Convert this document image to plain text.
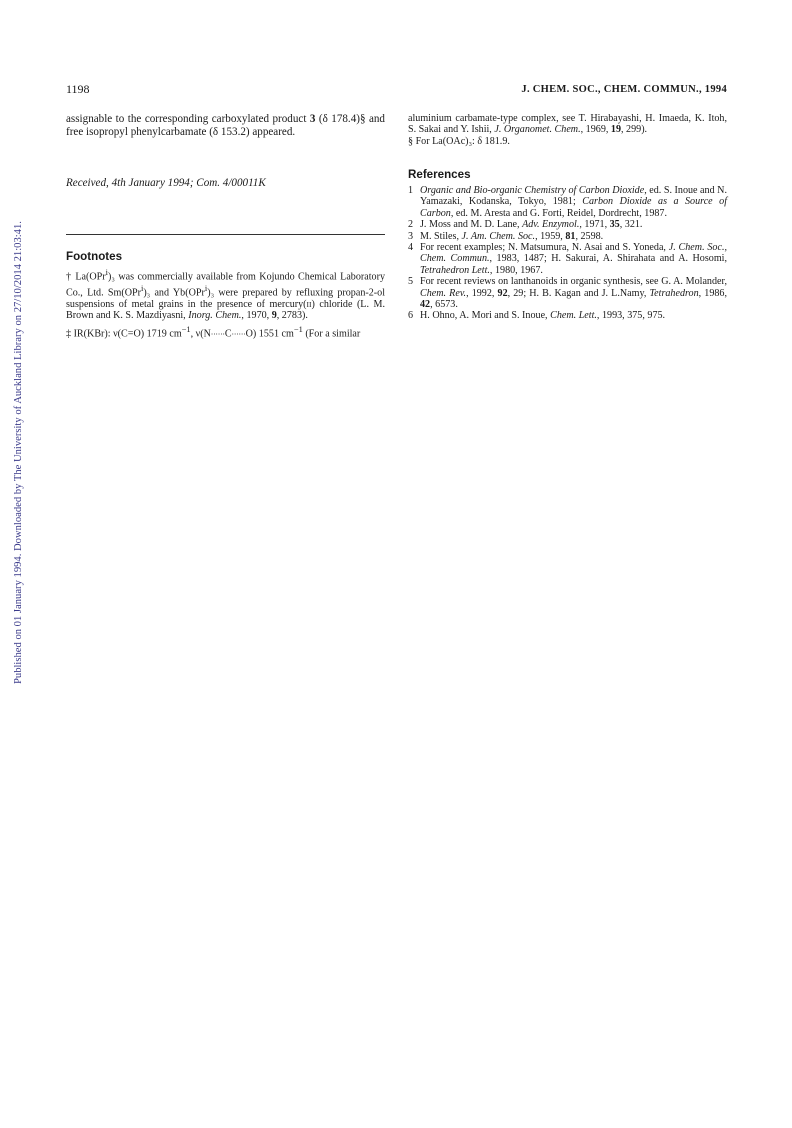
Published on 01 January 1994. Downloaded by The University of Auckland Library on 27/10/2014 21:03:41.
1198	J. CHEM. SOC., CHEM. COMMUN., 1994

assignable to the corresponding carboxylated product 3 (δ 178.4)§ and free isopropyl phenylcarbamate (δ 153.2) appeared.

Received, 4th January 1994; Com. 4/00011K
Footnotes
† La(OPr$^i$)₃ was commercially available from Kojundo Chemical Laboratory Co., Ltd. Sm(OPr$^i$)₃ and Yb(OPr$^i$)₃ were prepared by refluxing propan-2-ol suspensions of metal grains in the presence of mercury(II) chloride (L. M. Brown and K. S. Mazdiyasni, Inorg. Chem., 1970, 9, 2783).
‡ IR(KBr): ν(C=O) 1719 $cm^{-1}$, ν(N⋯⋯C⋯⋯O) 1551 $cm^{-1}$ (For a similar

aluminium carbamate-type complex, see T. Hirabayashi, H. Imaeda, K. Itoh, S. Sakai and Y. Ishii, J. Organomet. Chem., 1969, 19, 299).

§ For La(OAc)₃: δ 181.9.

References
1 Organic and Bio-organic Chemistry of Carbon Dioxide, ed. S. Inoue and N. Yamazaki, Kodanska, Tokyo, 1981; Carbon Dioxide as a Source of Carbon, ed. M. Aresta and G. Forti, Reidel, Dordrecht, 1987.
2 J. Moss and M. D. Lane, Adv. Enzymol., 1971, 35, 321.
3 M. Stiles, J. Am. Chem. Soc., 1959, 81, 2598.
4 For recent examples; N. Matsumura, N. Asai and S. Yoneda, J. Chem. Soc., Chem. Commun., 1983, 1487; H. Sakurai, A. Shirahata and A. Hosomi, Tetrahedron Lett., 1980, 1967.
5 For recent reviews on lanthanoids in organic synthesis, see G. A. Molander, Chem. Rev., 1992, 92, 29; H. B. Kagan and J. L.Namy, Tetrahedron, 1986, 42, 6573.
6 H. Ohno, A. Mori and S. Inoue, Chem. Lett., 1993, 375, 975.
